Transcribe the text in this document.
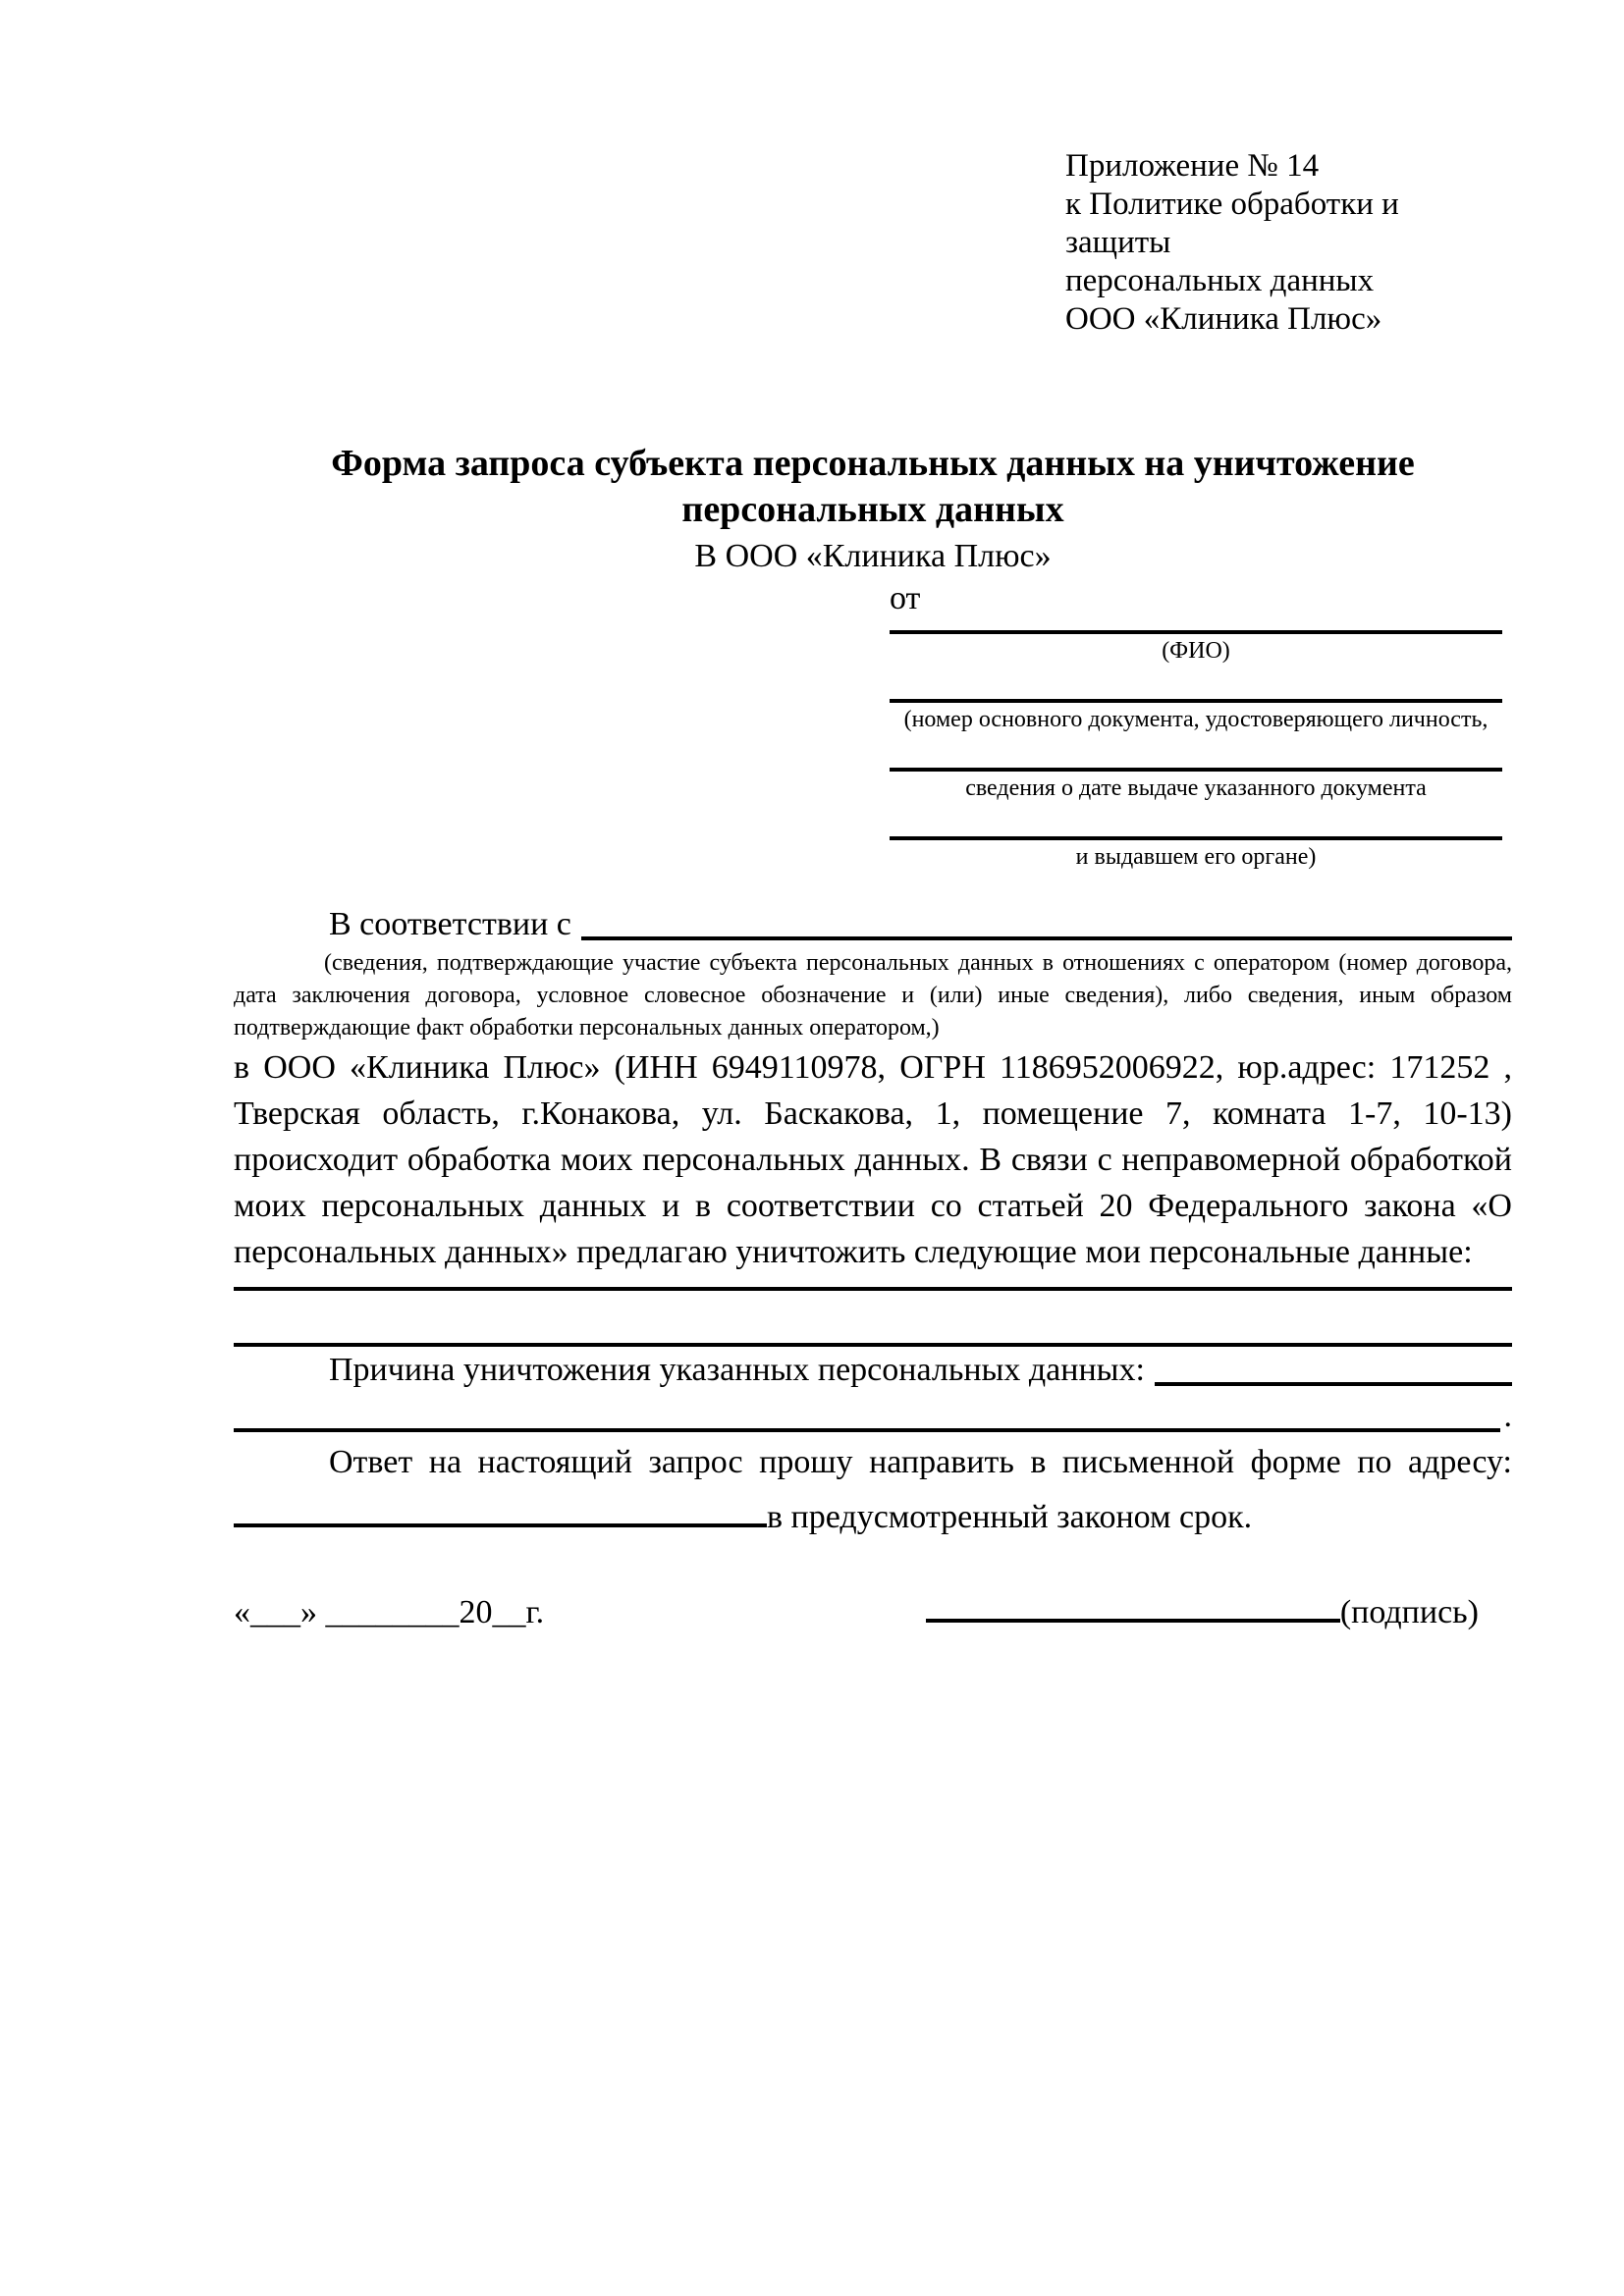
Приложение № 14
к Политике обработки и защиты
персональных данных
ООО «Клиника Плюс»
Форма запроса субъекта персональных данных на уничтожение персональных данных
В ООО «Клиника Плюс»
от
(ФИО)
(номер основного документа, удостоверяющего личность,
сведения о дате выдаче указанного документа
и выдавшем его органе)
В соответствии с
(сведения, подтверждающие участие субъекта персональных данных в отношениях с оператором (номер договора, дата заключения договора, условное словесное обозначение и (или) иные сведения), либо сведения, иным образом подтверждающие факт обработки персональных данных оператором,)
в ООО «Клиника Плюс» (ИНН 6949110978, ОГРН 1186952006922, юр.адрес: 171252 , Тверская область, г.Конакова, ул. Баскакова, 1, помещение 7, комната 1-7, 10-13) происходит обработка моих персональных данных. В связи с неправомерной обработкой моих персональных данных и в соответствии со статьей 20 Федерального закона «О персональных данных» предлагаю уничтожить следующие мои персональные данные:
Причина уничтожения указанных персональных данных:
.
Ответ на настоящий запрос прошу направить в письменной форме по адресу:
в предусмотренный законом срок.
«___» ________20__г.	(подпись)
